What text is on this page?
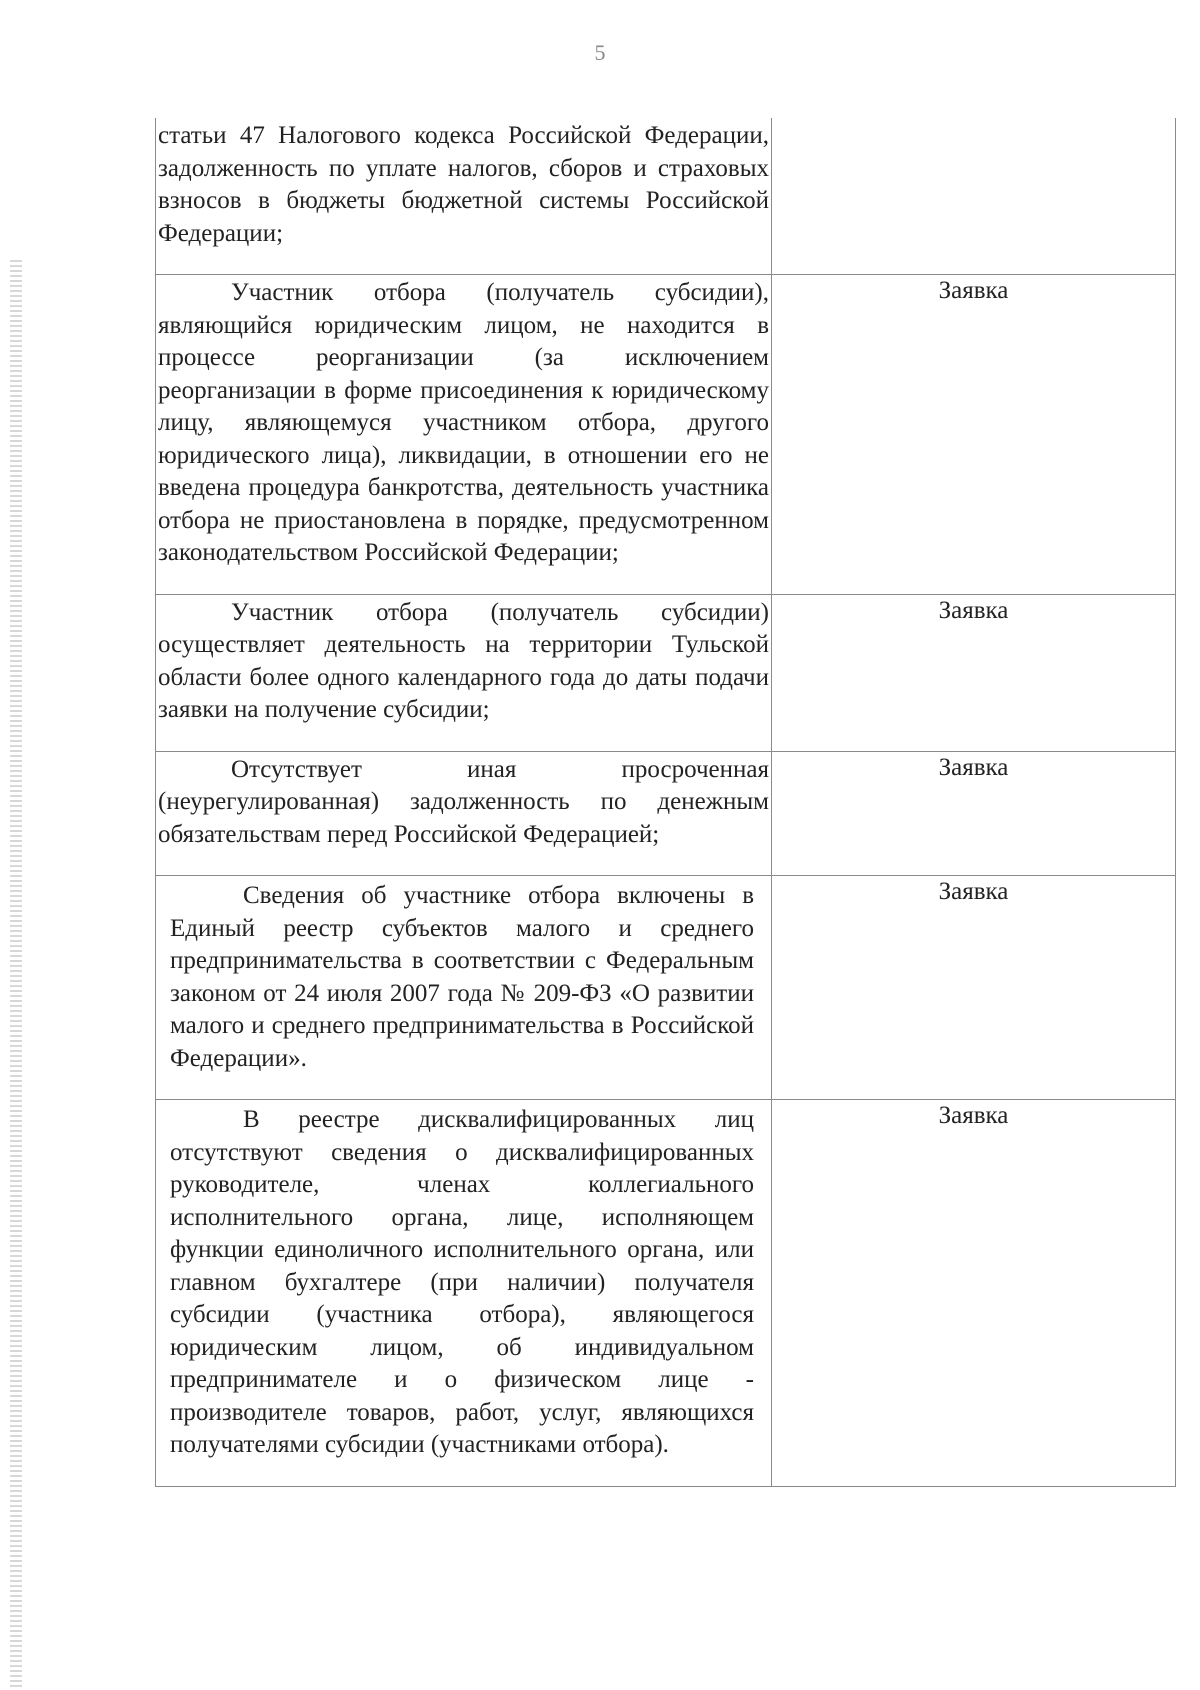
5
статьи 47 Налогового кодекса Российской Федерации, задолженность по уплате налогов, сборов и страховых взносов в бюджеты бюджетной системы Российской Федерации;	

Участник отбора (получатель субсидии), являющийся юридическим лицом, не находится в процессе реорганизации (за исключением реорганизации в форме присоединения к юридическому лицу, являющемуся участником отбора, другого юридического лица), ликвидации, в отношении его не введена процедура банкротства, деятельность участника отбора не приостановлена в порядке, предусмотренном законодательством Российской Федерации;	Заявка

Участник отбора (получатель субсидии) осуществляет деятельность на территории Тульской области более одного календарного года до даты подачи заявки на получение субсидии;	Заявка

Отсутствует иная просроченная (неурегулированная) задолженность по денежным обязательствам перед Российской Федерацией;	Заявка

Сведения об участнике отбора включены в Единый реестр субъектов малого и среднего предпринимательства в соответствии с Федеральным законом от 24 июля 2007 года № 209-ФЗ «О развитии малого и среднего предпринимательства в Российской Федерации».	Заявка

В реестре дисквалифицированных лиц отсутствуют сведения о дисквалифицированных руководителе, членах коллегиального исполнительного органа, лице, исполняющем функции единоличного исполнительного органа, или главном бухгалтере (при наличии) получателя субсидии (участника отбора), являющегося юридическим лицом, об индивидуальном предпринимателе и о физическом лице - производителе товаров, работ, услуг, являющихся получателями субсидии (участниками отбора).	Заявка
